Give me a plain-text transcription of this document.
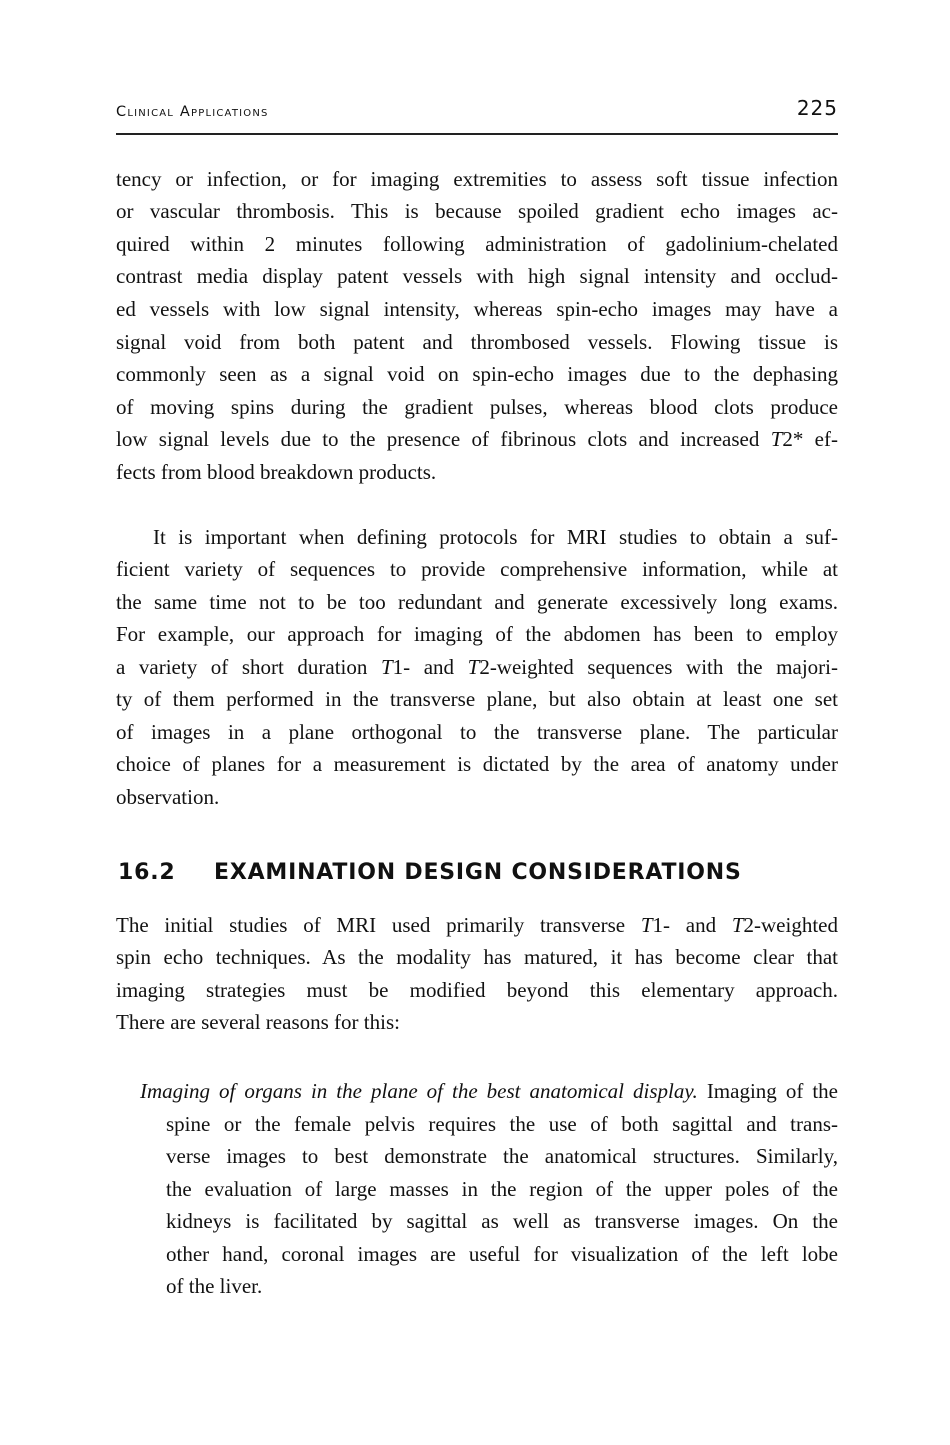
Clinical Applications	225
tency or infection, or for imaging extremities to assess soft tissue infection
or vascular thrombosis. This is because spoiled gradient echo images ac-
quired within 2 minutes following administration of gadolinium-chelated
contrast media display patent vessels with high signal intensity and occlud-
ed vessels with low signal intensity, whereas spin-echo images may have a
signal void from both patent and thrombosed vessels. Flowing tissue is
commonly seen as a signal void on spin-echo images due to the dephasing
of moving spins during the gradient pulses, whereas blood clots produce
low signal levels due to the presence of fibrinous clots and increased T2* ef-
fects from blood breakdown products.
It is important when defining protocols for MRI studies to obtain a suf-
ficient variety of sequences to provide comprehensive information, while at
the same time not to be too redundant and generate excessively long exams.
For example, our approach for imaging of the abdomen has been to employ
a variety of short duration T1- and T2-weighted sequences with the majori-
ty of them performed in the transverse plane, but also obtain at least one set
of images in a plane orthogonal to the transverse plane. The particular
choice of planes for a measurement is dictated by the area of anatomy under
observation.
16.2 EXAMINATION DESIGN CONSIDERATIONS
The initial studies of MRI used primarily transverse T1- and T2-weighted
spin echo techniques. As the modality has matured, it has become clear that
imaging strategies must be modified beyond this elementary approach.
There are several reasons for this:
Imaging of organs in the plane of the best anatomical display. Imaging of the
spine or the female pelvis requires the use of both sagittal and trans-
verse images to best demonstrate the anatomical structures. Similarly,
the evaluation of large masses in the region of the upper poles of the
kidneys is facilitated by sagittal as well as transverse images. On the
other hand, coronal images are useful for visualization of the left lobe
of the liver.
